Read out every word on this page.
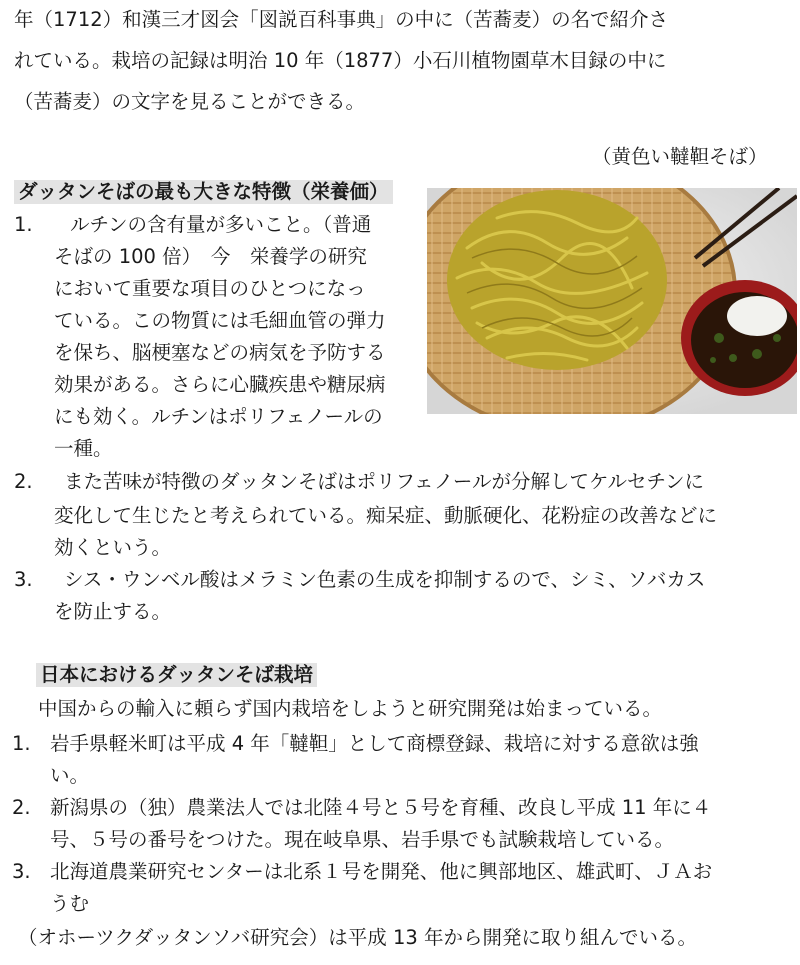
年（1712）和漢三才図会「図説百科事典」の中に（苦蕎麦）の名で紹介さ
れている。栽培の記録は明治 10 年（1877）小石川植物園草木目録の中に
（苦蕎麦）の文字を見ることができる。
（黄色い韃靼そば）
ダッタンそばの最も大きな特徴（栄養価）
1. ルチンの含有量が多いこと。（普通
そばの 100 倍）　今　栄養学の研究
において重要な項目のひとつになっ
ている。この物質には毛細血管の弾力
を保ち、脳梗塞などの病気を予防する
効果がある。さらに心臓疾患や糖尿病
にも効く。ルチンはポリフェノールの
一種。
2. また苦味が特徴のダッタンそばはポリフェノールが分解してケルセチンに
変化して生じたと考えられている。痴呆症、動脈硬化、花粉症の改善などに
効くという。
3. シス・ウンベル酸はメラミン色素の生成を抑制するので、シミ、ソバカス
を防止する。
日本におけるダッタンそば栽培
中国からの輸入に頼らず国内栽培をしようと研究開発は始まっている。
1. 岩手県軽米町は平成 4 年「韃靼」として商標登録、栽培に対する意欲は強
い。
2. 新潟県の（独）農業法人では北陸４号と５号を育種、改良し平成 11 年に４
号、５号の番号をつけた。現在岐阜県、岩手県でも試験栽培している。
3. 北海道農業研究センターは北系１号を開発、他に興部地区、雄武町、ＪＡお
うむ
（オホーツクダッタンソバ研究会）は平成 13 年から開発に取り組んでいる。
